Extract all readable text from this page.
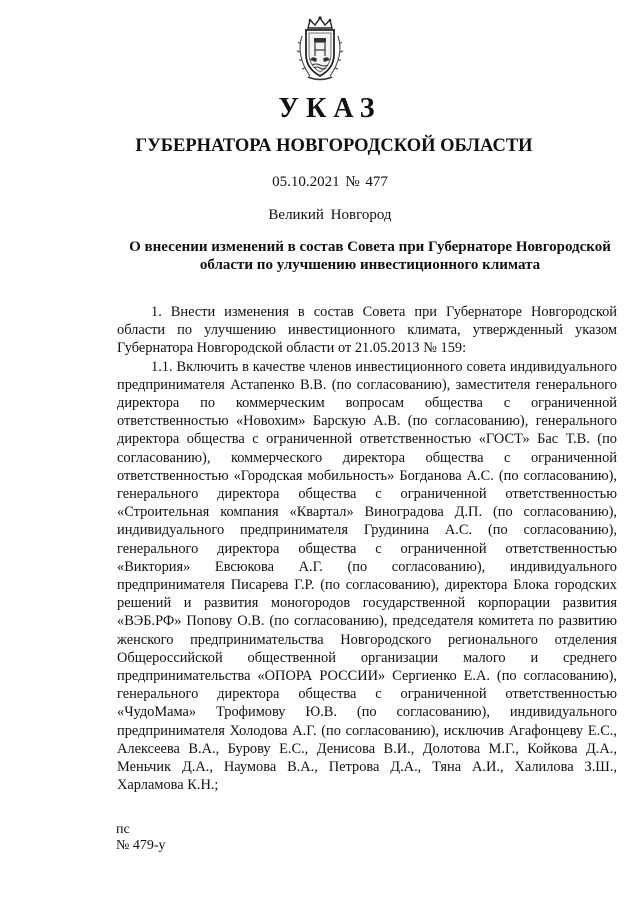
УКАЗ
ГУБЕРНАТОРА НОВГОРОДСКОЙ ОБЛАСТИ
05.10.2021 № 477
Великий Новгород
О внесении изменений в состав Совета при Губернаторе Новгородской области по улучшению инвестиционного климата

1. Внести изменения в состав Совета при Губернаторе Новгородской области по улучшению инвестиционного климата, утвержденный указом Губернатора Новгородской области от 21.05.2013 № 159:

1.1. Включить в качестве членов инвестиционного совета индивидуального предпринимателя Астапенко В.В. (по согласованию), заместителя генерального директора по коммерческим вопросам общества с ограниченной ответственностью «Новохим» Барскую А.В. (по согласованию), генерального директора общества с ограниченной ответственностью «ГОСТ» Бас Т.В. (по согласованию), коммерческого директора общества с ограниченной ответственностью «Городская мобильность» Богданова А.С. (по согласованию), генерального директора общества с ограниченной ответственностью «Строительная компания «Квартал» Виноградова Д.П. (по согласованию), индивидуального предпринимателя Грудинина А.С. (по согласованию), генерального директора общества с ограниченной ответственностью «Виктория» Евсюкова А.Г. (по согласованию), индивидуального предпринимателя Писарева Г.Р. (по согласованию), директора Блока городских решений и развития моногородов государственной корпорации развития «ВЭБ.РФ» Попову О.В. (по согласованию), председателя комитета по развитию женского предпринимательства Новгородского регионального отделения Общероссийской общественной организации малого и среднего предпринимательства «ОПОРА РОССИИ» Сергиенко Е.А. (по согласованию), генерального директора общества с ограниченной ответственностью «ЧудоМама» Трофимову Ю.В. (по согласованию), индивидуального предпринимателя Холодова А.Г. (по согласованию), исключив Агафонцеву Е.С., Алексеева В.А., Бурову Е.С., Денисова В.И., Долотова М.Г., Койкова Д.А., Меньчик Д.А., Наумова В.А., Петрова Д.А., Тяна А.И., Халилова З.Ш., Харламова К.Н.;

пс
№ 479-у
